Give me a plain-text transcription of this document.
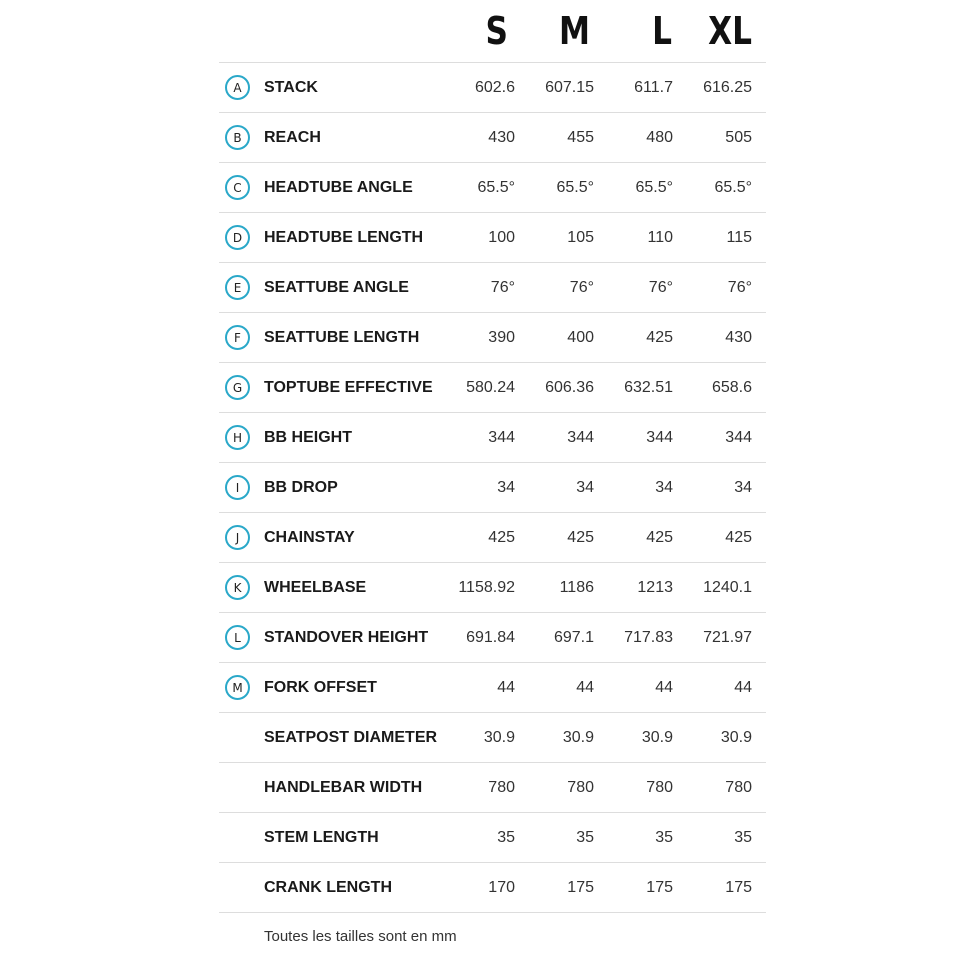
S	M	L XL
A	STACK	602.6	607.15	611.7	616.25
B	REACH	430	455	480	505
C	HEADTUBE ANGLE	65.5°	65.5°	65.5°	65.5°
D	HEADTUBE LENGTH	100	105	110	115
E	SEATTUBE ANGLE	76°	76°	76°	76°
F	SEATTUBE LENGTH	390	400	425	430
G	TOPTUBE EFFECTIVE	580.24	606.36	632.51	658.6
H	BB HEIGHT	344	344	344	344
I	BB DROP	34	34	34	34
J	CHAINSTAY	425	425	425	425
K	WHEELBASE	1158.92	1186	1213	1240.1
L	STANDOVER HEIGHT	691.84	697.1	717.83	721.97
M	FORK OFFSET	44	44	44	44
SEATPOST DIAMETER	30.9	30.9	30.9	30.9
HANDLEBAR WIDTH	780	780	780	780
STEM LENGTH	35	35	35	35
CRANK LENGTH	170	175	175	175
Toutes les tailles sont en mm
